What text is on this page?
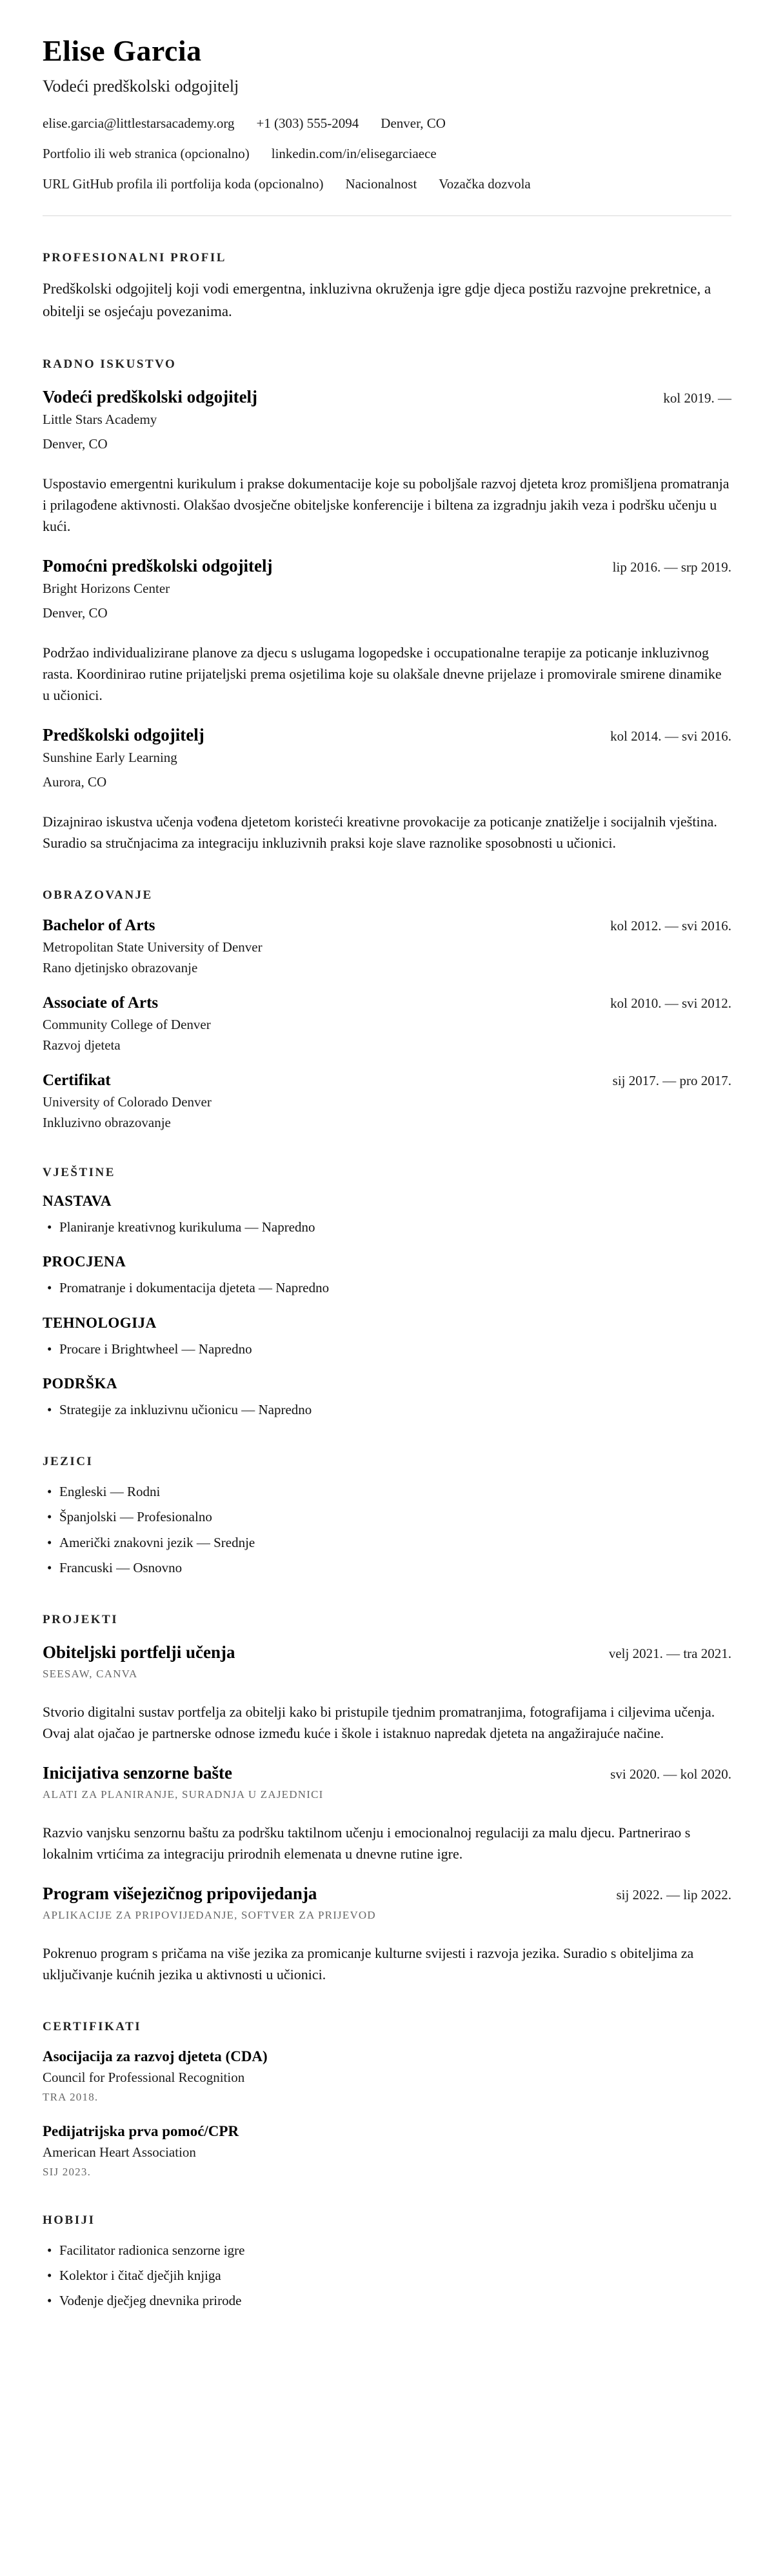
Elise Garcia
Vodeći predškolski odgojitelj
elise.garcia@littlestarsacademy.org +1 (303) 555-2094 Denver, CO
Portfolio ili web stranica (opcionalno) linkedin.com/in/elisegarciaece
URL GitHub profila ili portfolija koda (opcionalno) Nacionalnost Vozačka dozvola
PROFESIONALNI PROFIL

Predškolski odgojitelj koji vodi emergentna, inkluzivna okruženja igre gdje djeca postižu razvojne prekretnice, a obitelji se osjećaju povezanima.

RADNO ISKUSTVO
Vodeći predškolski odgojitelj	kol 2019. —
Little Stars Academy
Denver, CO

Uspostavio emergentni kurikulum i prakse dokumentacije koje su poboljšale razvoj djeteta kroz promišljena promatranja i prilagođene aktivnosti. Olakšao dvosječne obiteljske konferencije i biltena za izgradnju jakih veza i podršku učenju u kući.

Pomoćni predškolski odgojitelj	lip 2016. — srp 2019.
Bright Horizons Center
Denver, CO

Podržao individualizirane planove za djecu s uslugama logopedske i occupationalne terapije za poticanje inkluzivnog rasta. Koordinirao rutine prijateljski prema osjetilima koje su olakšale dnevne prijelaze i promovirale smirene dinamike u učionici.

Predškolski odgojitelj	kol 2014. — svi 2016.
Sunshine Early Learning
Aurora, CO

Dizajnirao iskustva učenja vođena djetetom koristeći kreativne provokacije za poticanje znatiželje i socijalnih vještina. Suradio sa stručnjacima za integraciju inkluzivnih praksi koje slave raznolike sposobnosti u učionici.

OBRAZOVANJE
Bachelor of Arts	kol 2012. — svi 2016.
Metropolitan State University of Denver
Rano djetinjsko obrazovanje
Associate of Arts	kol 2010. — svi 2012.
Community College of Denver
Razvoj djeteta
Certifikat	sij 2017. — pro 2017.
University of Colorado Denver
Inkluzivno obrazovanje
VJEŠTINE
NASTAVA
• Planiranje kreativnog kurikuluma — Napredno
PROCJENA
• Promatranje i dokumentacija djeteta — Napredno
TEHNOLOGIJA
• Procare i Brightwheel — Napredno
PODRŠKA
• Strategije za inkluzivnu učionicu — Napredno
JEZICI
• Engleski — Rodni
• Španjolski — Profesionalno
• Američki znakovni jezik — Srednje
• Francuski — Osnovno
PROJEKTI
Obiteljski portfelji učenja	velj 2021. — tra 2021.
SEESAW, CANVA

Stvorio digitalni sustav portfelja za obitelji kako bi pristupile tjednim promatranjima, fotografijama i ciljevima učenja. Ovaj alat ojačao je partnerske odnose između kuće i škole i istaknuo napredak djeteta na angažirajuće načine.

Inicijativa senzorne bašte	svi 2020. — kol 2020.
ALATI ZA PLANIRANJE, SURADNJA U ZAJEDNICI

Razvio vanjsku senzornu baštu za podršku taktilnom učenju i emocionalnoj regulaciji za malu djecu. Partnerirao s lokalnim vrtićima za integraciju prirodnih elemenata u dnevne rutine igre.

Program višejezičnog pripovijedanja	sij 2022. — lip 2022.
APLIKACIJE ZA PRIPOVIJEDANJE, SOFTVER ZA PRIJEVOD

Pokrenuo program s pričama na više jezika za promicanje kulturne svijesti i razvoja jezika. Suradio s obiteljima za uključivanje kućnih jezika u aktivnosti u učionici.

CERTIFIKATI
Asocijacija za razvoj djeteta (CDA)
Council for Professional Recognition
TRA 2018.
Pedijatrijska prva pomoć/CPR
American Heart Association
SIJ 2023.
HOBIJI
• Facilitator radionica senzorne igre
• Kolektor i čitač dječjih knjiga
• Vođenje dječjeg dnevnika prirode
